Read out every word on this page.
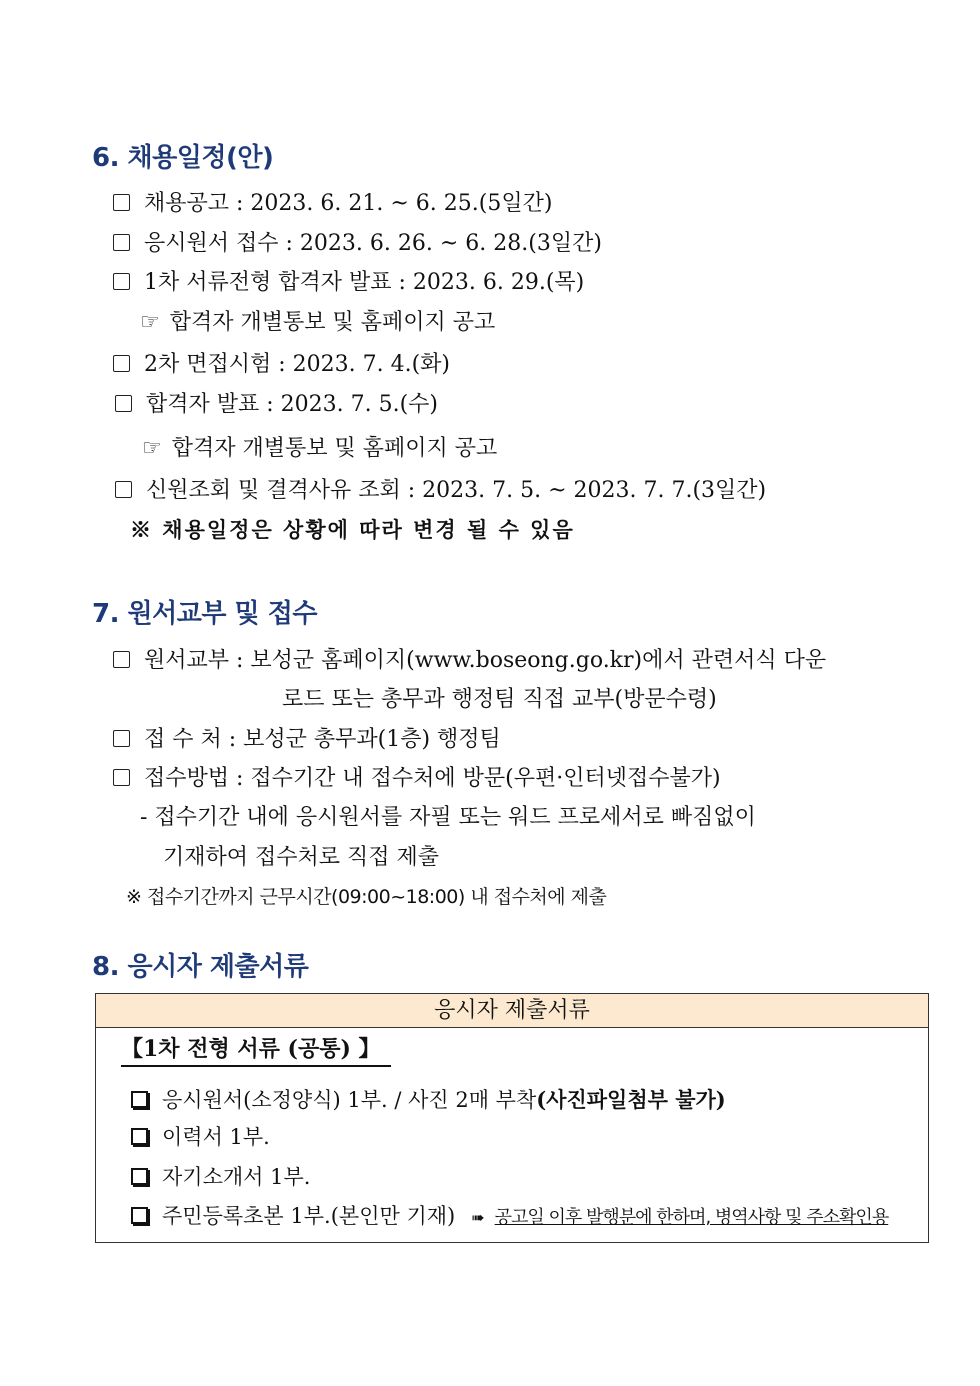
6. 채용일정(안)
채용공고 : 2023. 6. 21. ~ 6. 25.(5일간)
응시원서 접수 : 2023. 6. 26. ~ 6. 28.(3일간)
1차 서류전형 합격자 발표 : 2023. 6. 29.(목)
☞ 합격자 개별통보 및 홈페이지 공고
2차 면접시험 : 2023. 7. 4.(화)
합격자 발표 : 2023. 7. 5.(수)
☞ 합격자 개별통보 및 홈페이지 공고
신원조회 및 결격사유 조회 : 2023. 7. 5. ~ 2023. 7. 7.(3일간)
※ 채용일정은 상황에 따라 변경 될 수 있음
7. 원서교부 및 접수
원서교부 : 보성군 홈페이지(www.boseong.go.kr)에서 관련서식 다운
로드 또는 총무과 행정팀 직접 교부(방문수령)
접 수 처 : 보성군 총무과(1층) 행정팀
접수방법 : 접수기간 내 접수처에 방문(우편·인터넷접수불가)
- 접수기간 내에 응시원서를 자필 또는 워드 프로세서로 빠짐없이
기재하여 접수처로 직접 제출
※ 접수기간까지 근무시간(09:00~18:00) 내 접수처에 제출
8. 응시자 제출서류
응시자 제출서류
【1차 전형 서류 (공통) 】
응시원서(소정양식) 1부. / 사진 2매 부착(사진파일첨부 불가)
이력서 1부.
자기소개서 1부.
주민등록초본 1부.(본인만 기재) ➠ 공고일 이후 발행분에 한하며, 병역사항 및 주소확인용
